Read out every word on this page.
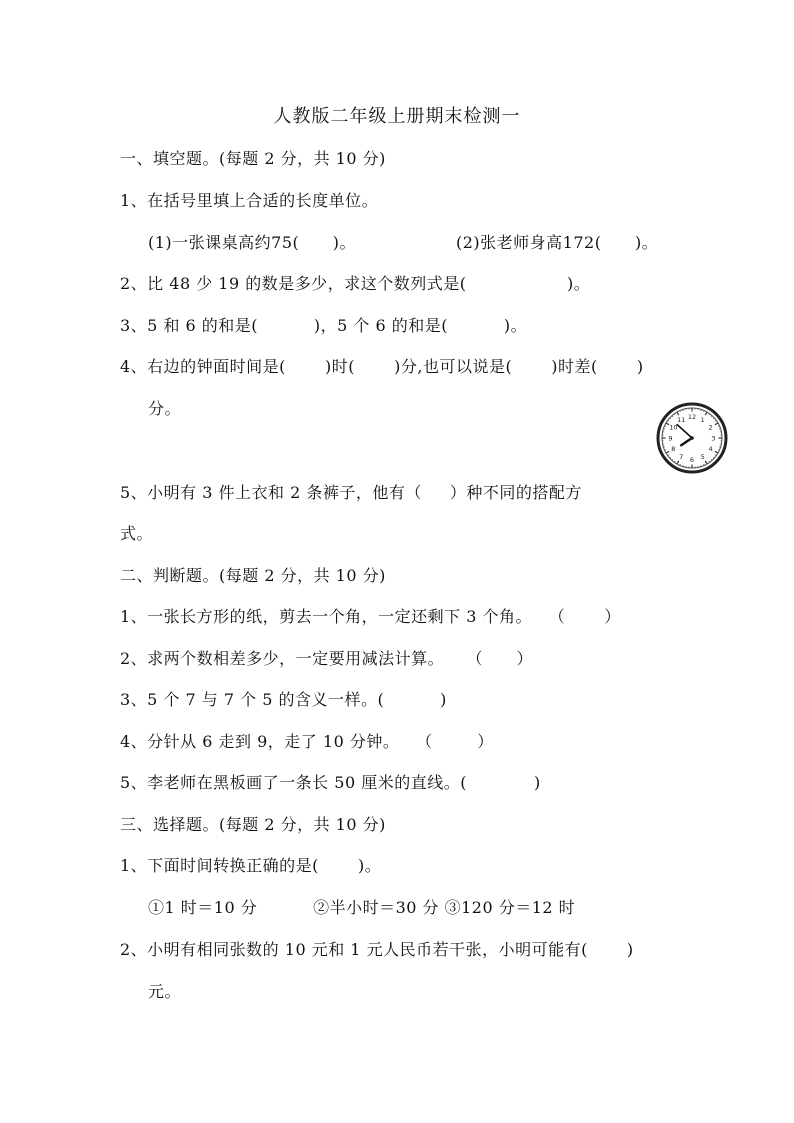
人教版二年级上册期末检测一
一、填空题。(每题 2 分，共 10 分)
1、在括号里填上合适的长度单位。
(1)一张课桌高约75(      )。	(2)张老师身高172(      )。
2、比 48 少 19 的数是多少，求这个数列式是(                  )。
3、5 和 6 的和是(          )，5 个 6 的和是(          )。
4、右边的钟面时间是(       )时(       )分,也可以说是(       )时差(       )
分。	12 1
2
3
4
5
6
7
8
9
10
11
5、小明有 3 件上衣和 2 条裤子，他有（     ）种不同的搭配方
式。
二、判断题。(每题 2 分，共 10 分)
1、一张长方形的纸，剪去一个角，一定还剩下 3 个角。   （       ）
2、求两个数相差多少，一定要用减法计算。    （      ）
3、5 个 7 与 7 个 5 的含义一样。(          )
4、分针从 6 走到 9，走了 10 分钟。   （        ）
5、李老师在黑板画了一条长 50 厘米的直线。(            )
三、选择题。(每题 2 分，共 10 分)
1、下面时间转换正确的是(       )。
①1 时＝10 分          ②半小时＝30 分 ③120 分＝12 时
2、小明有相同张数的 10 元和 1 元人民币若干张，小明可能有(       )
元。
